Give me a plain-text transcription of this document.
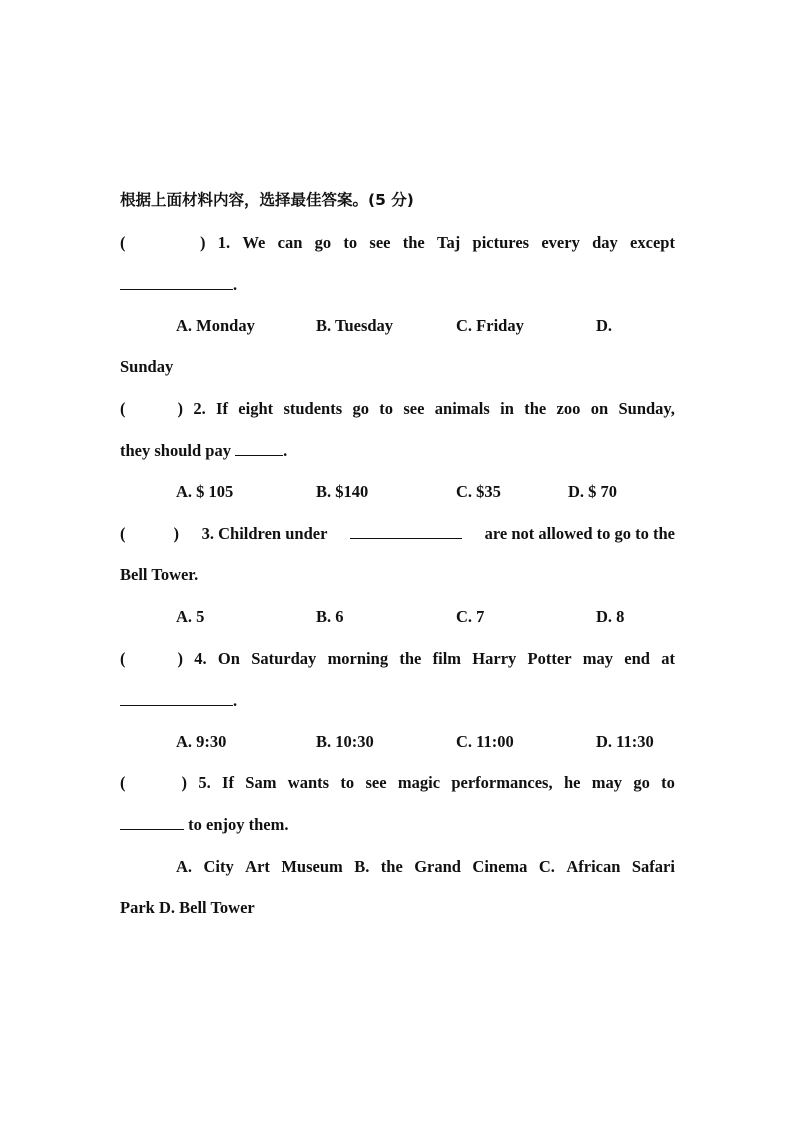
根据上面材料内容，选择最佳答案。(5 分)
(	) 1. We can go to see the Taj pictures every day except
.
A. Monday	B. Tuesday	C. Friday	D.
Sunday
(	) 2. If eight students go to see animals in the zoo on Sunday,
they should pay	.
A. $ 105	B. $140	C. $35	D. $ 70
(	) 3. Children under	are not allowed to go to the
Bell Tower.
A. 5	B. 6	C. 7	D. 8
(	) 4. On Saturday morning the film Harry Potter may end at
.
A. 9:30	B. 10:30	C. 11:00	D. 11:30
(	) 5. If Sam wants to see magic performances, he may go to
to enjoy them.
A. City Art Museum B. the Grand Cinema C. African Safari
Park D. Bell Tower
